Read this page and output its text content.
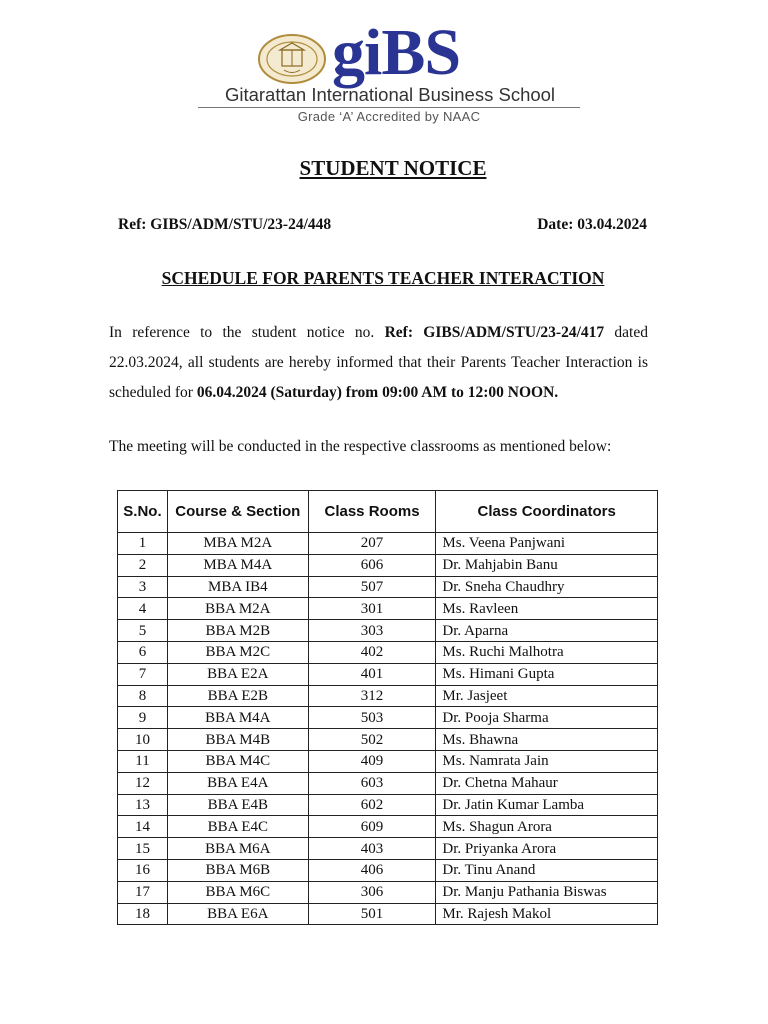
giBS
Gitarattan International Business School
Grade ‘A’ Accredited by NAAC
STUDENT NOTICE
Ref: GIBS/ADM/STU/23-24/448	Date: 03.04.2024
SCHEDULE FOR PARENTS TEACHER INTERACTION
In reference to the student notice no. Ref: GIBS/ADM/STU/23-24/417 dated 22.03.2024, all students are hereby informed that their Parents Teacher Interaction is scheduled for 06.04.2024 (Saturday) from 09:00 AM to 12:00 NOON.
The meeting will be conducted in the respective classrooms as mentioned below:
S.No.	Course & Section	Class Rooms	Class Coordinators
1	MBA M2A	207	Ms. Veena Panjwani
2	MBA M4A	606	Dr. Mahjabin Banu
3	MBA IB4	507	Dr. Sneha Chaudhry
4	BBA M2A	301	Ms. Ravleen
5	BBA M2B	303	Dr. Aparna
6	BBA M2C	402	Ms. Ruchi Malhotra
7	BBA E2A	401	Ms. Himani Gupta
8	BBA E2B	312	Mr. Jasjeet
9	BBA M4A	503	Dr. Pooja Sharma
10	BBA M4B	502	Ms. Bhawna
11	BBA M4C	409	Ms. Namrata Jain
12	BBA E4A	603	Dr. Chetna Mahaur
13	BBA E4B	602	Dr. Jatin Kumar Lamba
14	BBA E4C	609	Ms. Shagun Arora
15	BBA M6A	403	Dr. Priyanka Arora
16	BBA M6B	406	Dr. Tinu Anand
17	BBA M6C	306	Dr. Manju Pathania Biswas
18	BBA E6A	501	Mr. Rajesh Makol
